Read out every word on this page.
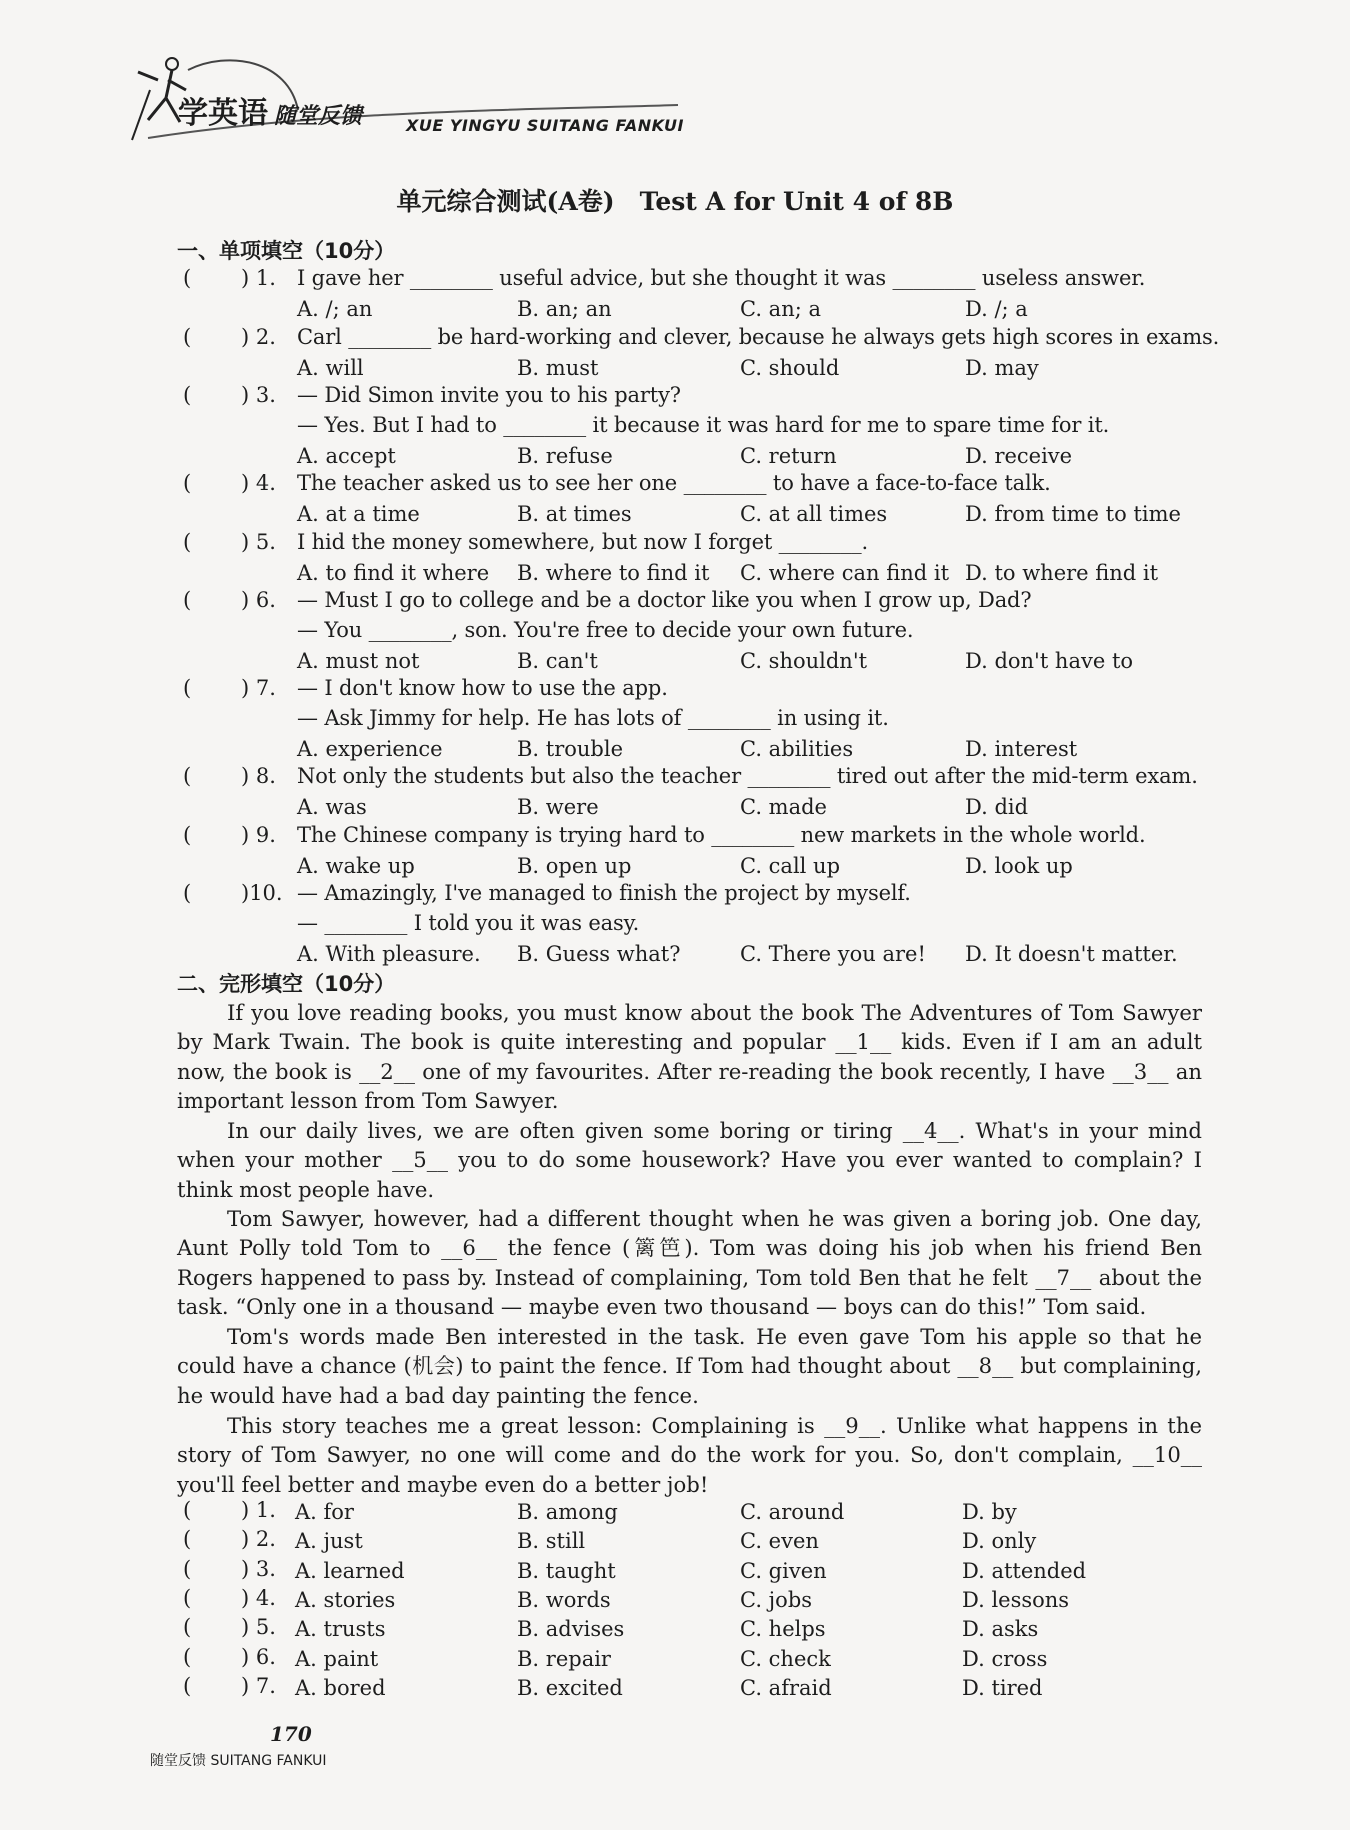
学英语 随堂反馈	XUE YINGYU SUITANG FANKUI
单元综合测试(A卷)　Test A for Unit 4 of 8B
一、单项填空（10分）
( ) 1. I gave her ________ useful advice, but she thought it was ________ useless answer.
A. /; an	B. an; an	C. an; a	D. /; a
( ) 2. Carl ________ be hard-working and clever, because he always gets high scores in exams.
A. will	B. must	C. should	D. may
( ) 3. — Did Simon invite you to his party?
— Yes. But I had to ________ it because it was hard for me to spare time for it.
A. accept	B. refuse	C. return	D. receive
( ) 4. The teacher asked us to see her one ________ to have a face-to-face talk.
A. at a time	B. at times	C. at all times	D. from time to time
( ) 5. I hid the money somewhere, but now I forget ________.
A. to find it where B. where to find it C. where can find it D. to where find it
( ) 6. — Must I go to college and be a doctor like you when I grow up, Dad?
— You ________, son. You're free to decide your own future.
A. must not	B. can't	C. shouldn't	D. don't have to
( ) 7. — I don't know how to use the app.
— Ask Jimmy for help. He has lots of ________ in using it.
A. experience	B. trouble	C. abilities	D. interest
( ) 8. Not only the students but also the teacher ________ tired out after the mid-term exam.
A. was	B. were	C. made	D. did
( ) 9. The Chinese company is trying hard to ________ new markets in the whole world.
A. wake up	B. open up	C. call up	D. look up
( )10. — Amazingly, I've managed to finish the project by myself.
— ________ I told you it was easy.
A. With pleasure. B. Guess what?	C. There you are! D. It doesn't matter.
二、完形填空（10分）
If you love reading books, you must know about the book The Adventures of Tom Sawyer by Mark Twain. The book is quite interesting and popular __1__ kids. Even if I am an adult now, the book is __2__ one of my favourites. After re-reading the book recently, I have __3__ an important lesson from Tom Sawyer.
In our daily lives, we are often given some boring or tiring __4__. What's in your mind when your mother __5__ you to do some housework? Have you ever wanted to complain? I think most people have.
Tom Sawyer, however, had a different thought when he was given a boring job. One day, Aunt Polly told Tom to __6__ the fence (篱笆). Tom was doing his job when his friend Ben Rogers happened to pass by. Instead of complaining, Tom told Ben that he felt __7__ about the task. “Only one in a thousand — maybe even two thousand — boys can do this!” Tom said.
Tom's words made Ben interested in the task. He even gave Tom his apple so that he could have a chance (机会) to paint the fence. If Tom had thought about __8__ but complaining, he would have had a bad day painting the fence.
This story teaches me a great lesson: Complaining is __9__. Unlike what happens in the story of Tom Sawyer, no one will come and do the work for you. So, don't complain, __10__ you'll feel better and maybe even do a better job!
( ) 1. A. for	B. among	C. around	D. by
( ) 2. A. just	B. still	C. even	D. only
( ) 3. A. learned	B. taught	C. given	D. attended
( ) 4. A. stories	B. words	C. jobs	D. lessons
( ) 5. A. trusts	B. advises	C. helps	D. asks
( ) 6. A. paint	B. repair	C. check	D. cross
( ) 7. A. bored	B. excited	C. afraid	D. tired
170
随堂反馈 SUITANG FANKUI
